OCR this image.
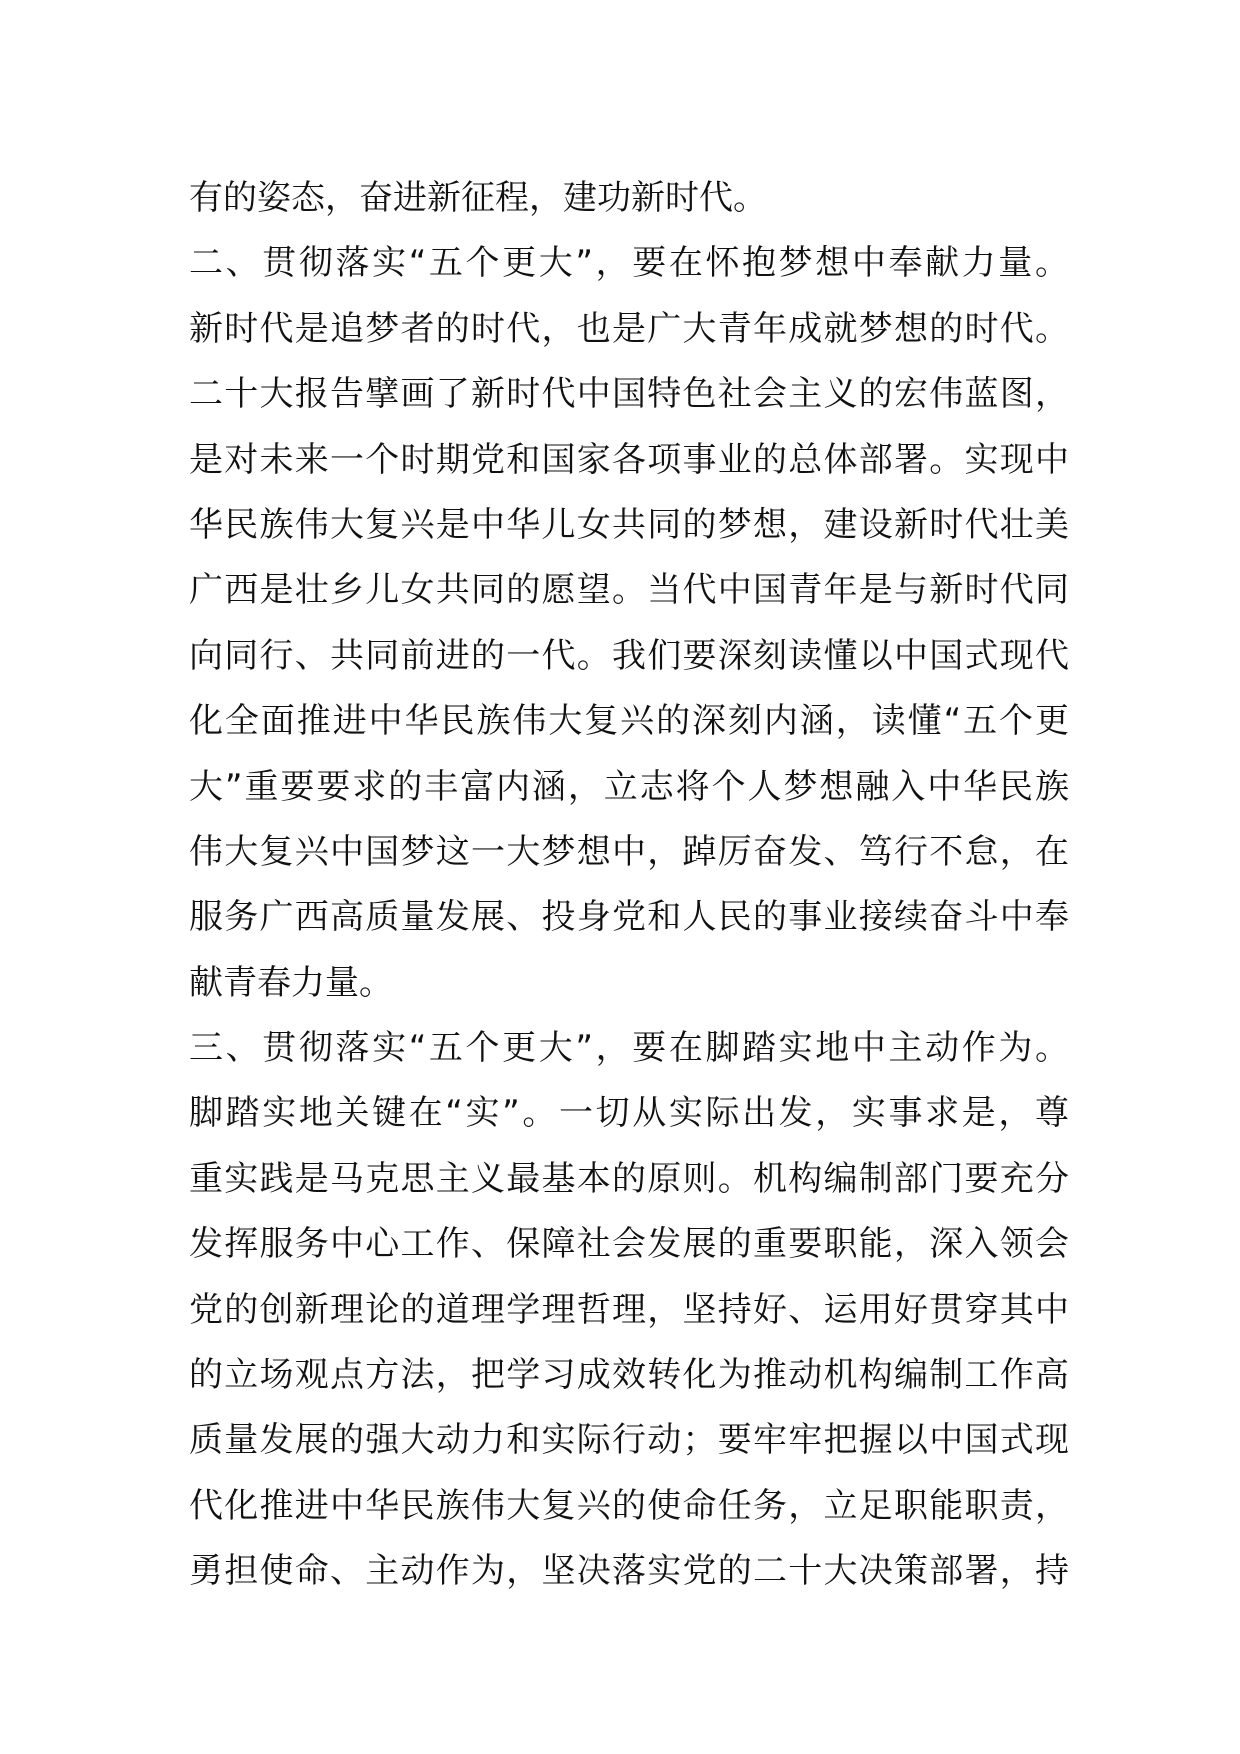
有的姿态，奋进新征程，建功新时代。
二、贯彻落实“五个更大”，要在怀抱梦想中奉献力量。
新时代是追梦者的时代，也是广大青年成就梦想的时代。
二十大报告擘画了新时代中国特色社会主义的宏伟蓝图，
是对未来一个时期党和国家各项事业的总体部署。实现中
华民族伟大复兴是中华儿女共同的梦想，建设新时代壮美
广西是壮乡儿女共同的愿望。当代中国青年是与新时代同
向同行、共同前进的一代。我们要深刻读懂以中国式现代
化全面推进中华民族伟大复兴的深刻内涵，读懂“五个更
大”重要要求的丰富内涵，立志将个人梦想融入中华民族
伟大复兴中国梦这一大梦想中，踔厉奋发、笃行不怠，在
服务广西高质量发展、投身党和人民的事业接续奋斗中奉
献青春力量。
三、贯彻落实“五个更大”，要在脚踏实地中主动作为。
脚踏实地关键在“实”。一切从实际出发，实事求是，尊
重实践是马克思主义最基本的原则。机构编制部门要充分
发挥服务中心工作、保障社会发展的重要职能，深入领会
党的创新理论的道理学理哲理，坚持好、运用好贯穿其中
的立场观点方法，把学习成效转化为推动机构编制工作高
质量发展的强大动力和实际行动；要牢牢把握以中国式现
代化推进中华民族伟大复兴的使命任务，立足职能职责，
勇担使命、主动作为，坚决落实党的二十大决策部署，持
